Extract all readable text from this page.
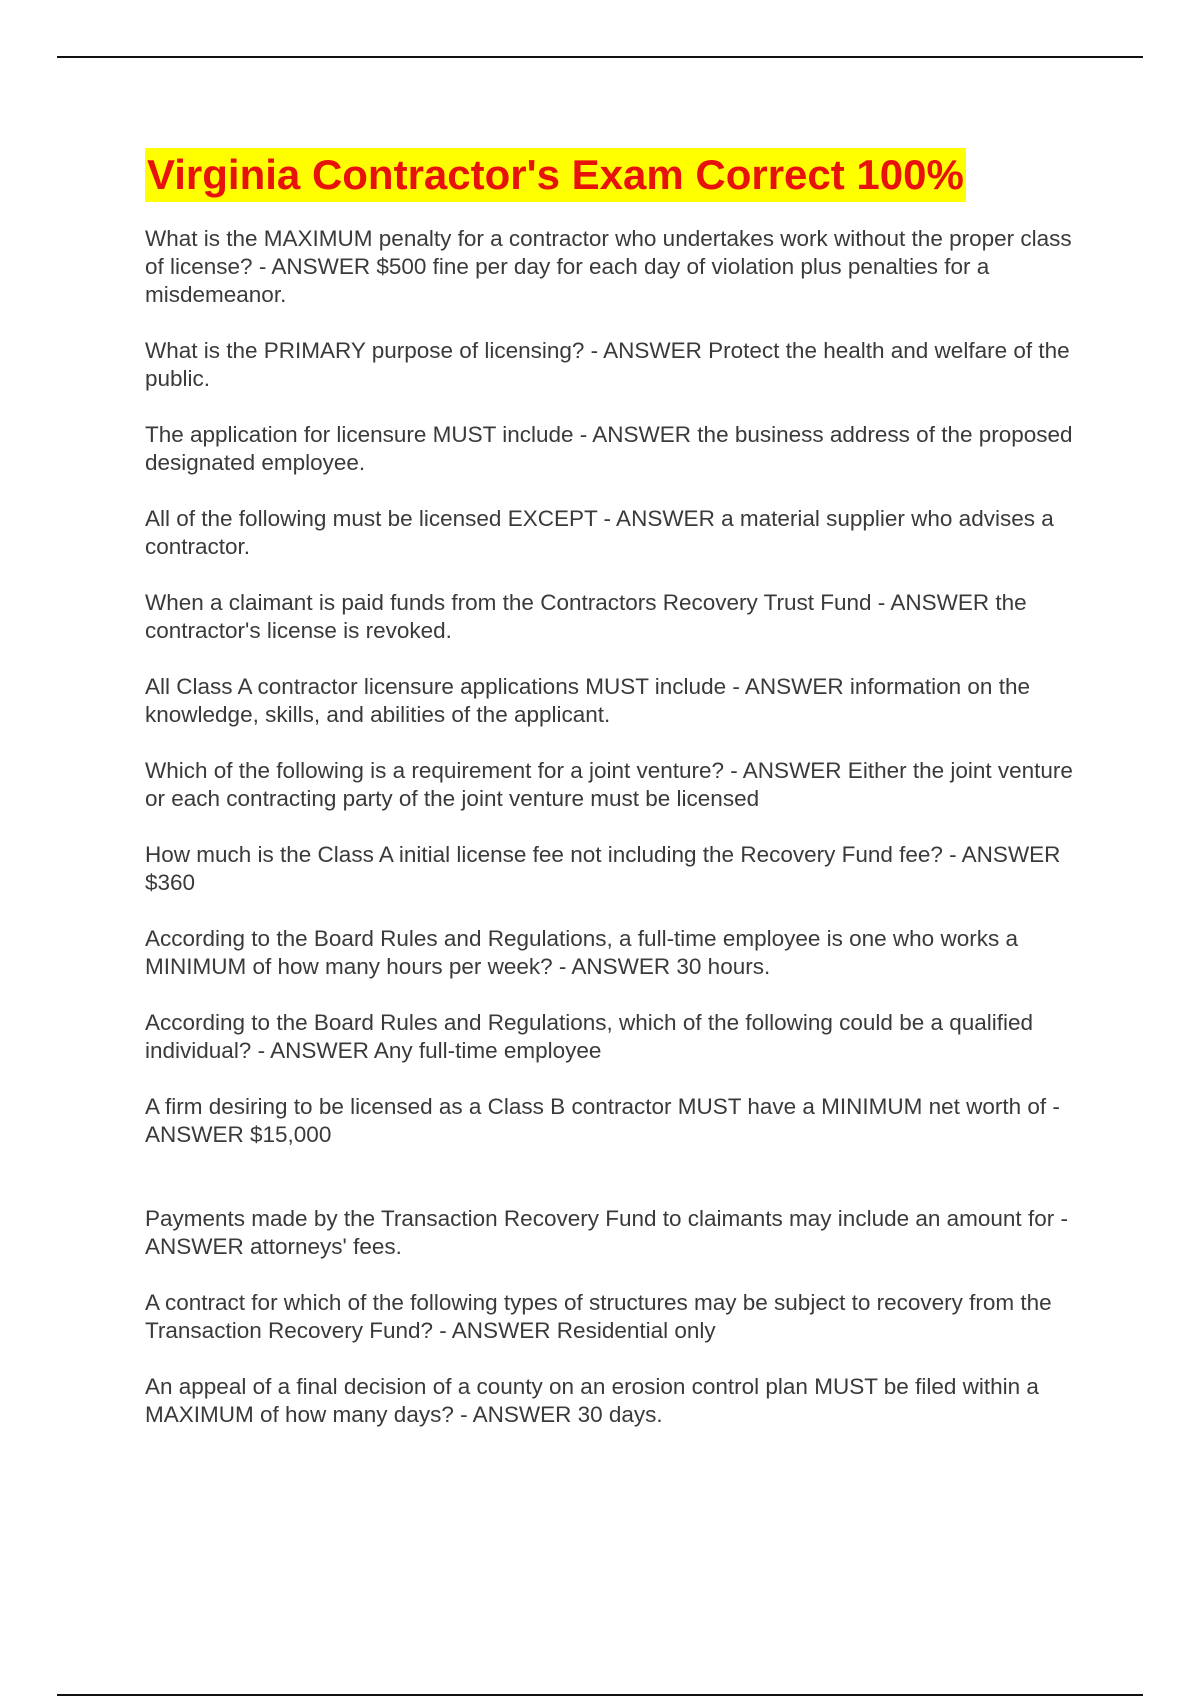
Virginia Contractor's Exam Correct 100%

What is the MAXIMUM penalty for a contractor who undertakes work without the proper class of license? - ANSWER $500 fine per day for each day of violation plus penalties for a misdemeanor.

What is the PRIMARY purpose of licensing? - ANSWER Protect the health and welfare of the public.

The application for licensure MUST include - ANSWER the business address of the proposed designated employee.

All of the following must be licensed EXCEPT - ANSWER a material supplier who advises a contractor.

When a claimant is paid funds from the Contractors Recovery Trust Fund - ANSWER the contractor's license is revoked.

All Class A contractor licensure applications MUST include - ANSWER information on the knowledge, skills, and abilities of the applicant.

Which of the following is a requirement for a joint venture? - ANSWER Either the joint venture or each contracting party of the joint venture must be licensed

How much is the Class A initial license fee not including the Recovery Fund fee? - ANSWER $360

According to the Board Rules and Regulations, a full-time employee is one who works a MINIMUM of how many hours per week? - ANSWER 30 hours.

According to the Board Rules and Regulations, which of the following could be a qualified individual? - ANSWER Any full-time employee

A firm desiring to be licensed as a Class B contractor MUST have a MINIMUM net worth of - ANSWER $15,000

Payments made by the Transaction Recovery Fund to claimants may include an amount for - ANSWER attorneys' fees.

A contract for which of the following types of structures may be subject to recovery from the Transaction Recovery Fund? - ANSWER Residential only

An appeal of a final decision of a county on an erosion control plan MUST be filed within a MAXIMUM of how many days? - ANSWER 30 days.
